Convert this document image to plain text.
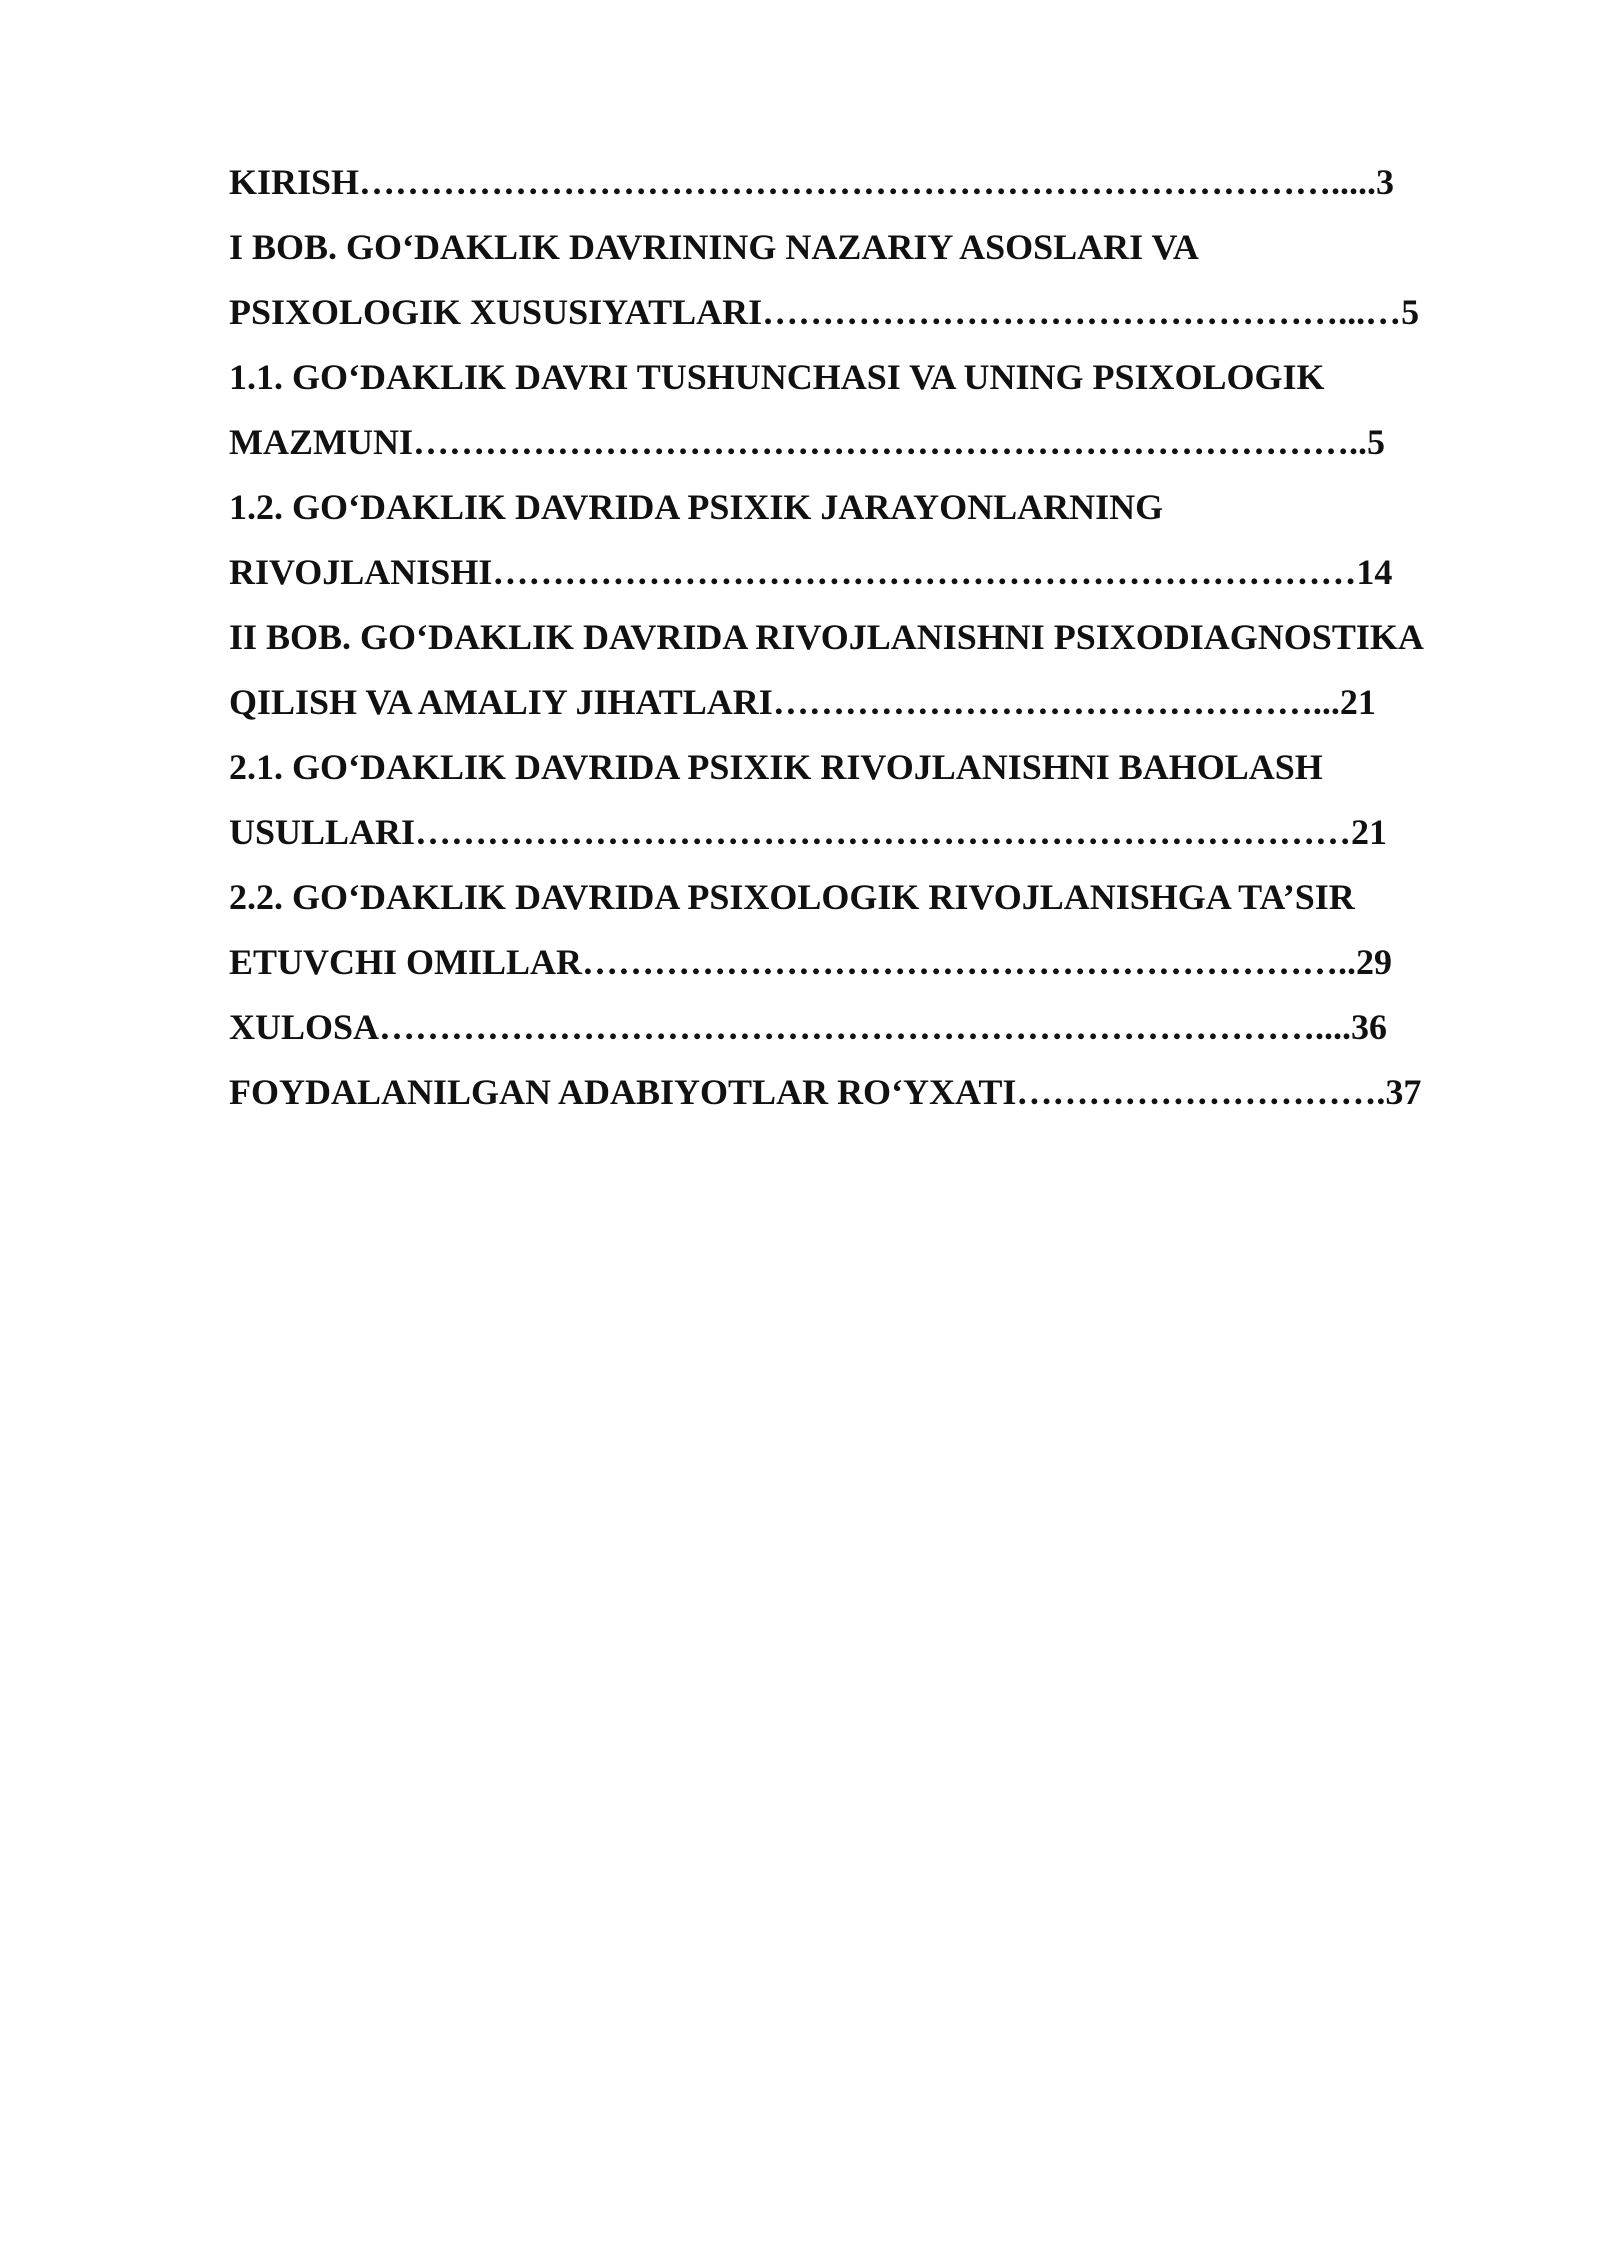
KIRISH……………………………………………………………………….....3
I BOB. GO‘DAKLIK DAVRINING NAZARIY ASOSLARI VA
PSIXOLOGIK XUSUSIYATLARI…………………………………………...…5
1.1. GO‘DAKLIK DAVRI TUSHUNCHASI VA UNING PSIXOLOGIK
MAZMUNI……………………………………………………………………..5
1.2. GO‘DAKLIK DAVRIDA PSIXIK JARAYONLARNING
RIVOJLANISHI………………………………………………………………14
II BOB. GO‘DAKLIK DAVRIDA RIVOJLANISHNI PSIXODIAGNOSTIKA
QILISH VA AMALIY JIHATLARI………………………………………...21
2.1. GO‘DAKLIK DAVRIDA PSIXIK RIVOJLANISHNI BAHOLASH
USULLARI……………………………………………………………………21
2.2. GO‘DAKLIK DAVRIDA PSIXOLOGIK RIVOJLANISHGA TA’SIR
ETUVCHI OMILLAR………………………………………………………..29
XULOSA……………………………………………………………………....36
FOYDALANILGAN ADABIYOTLAR RO‘YXATI………………………….37
